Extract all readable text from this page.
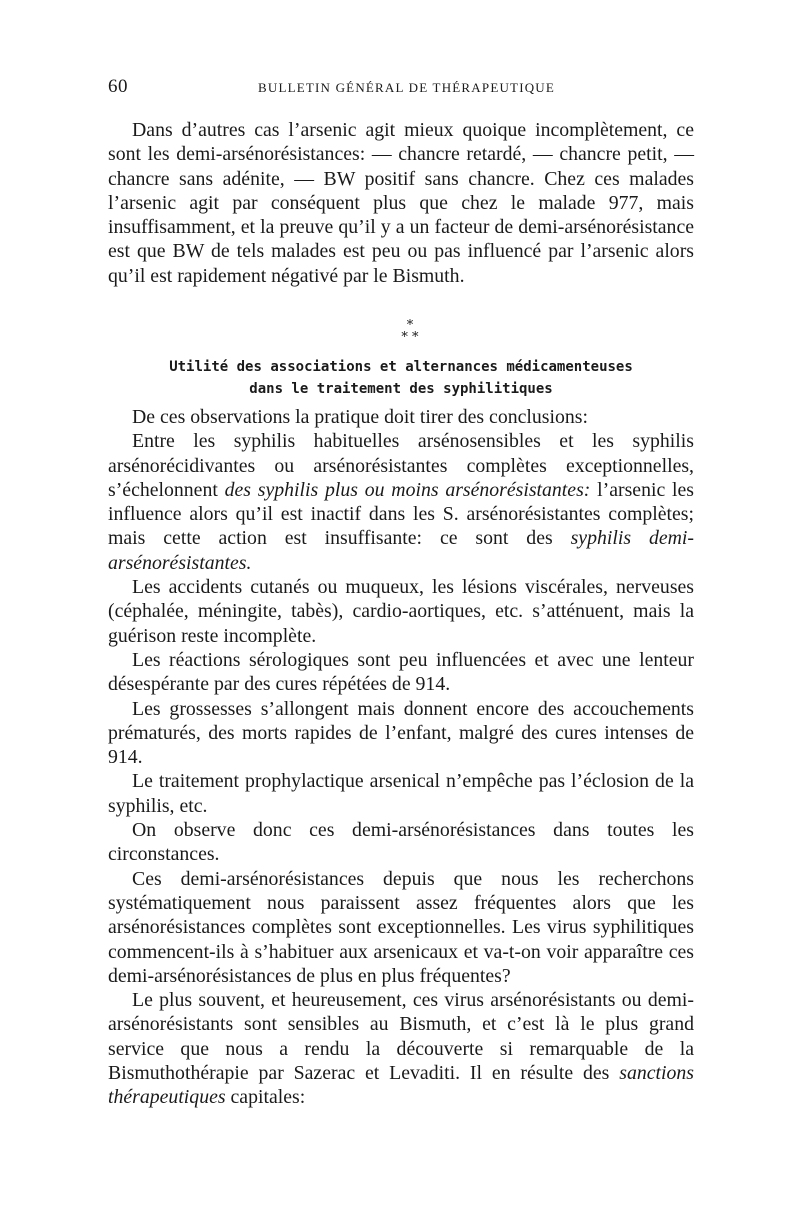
60	BULLETIN GÉNÉRAL DE THÉRAPEUTIQUE

Dans d’autres cas l’arsenic agit mieux quoique incomplètement, ce sont les demi-arsénorésistances: — chancre retardé, — chancre petit, — chancre sans adénite, — BW positif sans chancre. Chez ces malades l’arsenic agit par conséquent plus que chez le malade 977, mais insuffisamment, et la preuve qu’il y a un facteur de demi-arsénorésistance est que BW de tels malades est peu ou pas influencé par l’arsenic alors qu’il est rapidement négativé par le Bismuth.

*
* *
Utilité des associations et alternances médicamenteuses
dans le traitement des syphilitiques

De ces observations la pratique doit tirer des conclusions:

Entre les syphilis habituelles arsénosensibles et les syphilis arsénorécidivantes ou arsénorésistantes complètes exceptionnelles, s’échelonnent des syphilis plus ou moins arsénorésistantes: l’arsenic les influence alors qu’il est inactif dans les S. arsénorésistantes complètes; mais cette action est insuffisante: ce sont des syphilis demi-arsénorésistantes.

Les accidents cutanés ou muqueux, les lésions viscérales, nerveuses (céphalée, méningite, tabès), cardio-aortiques, etc. s’atténuent, mais la guérison reste incomplète.

Les réactions sérologiques sont peu influencées et avec une lenteur désespérante par des cures répétées de 914.

Les grossesses s’allongent mais donnent encore des accouchements prématurés, des morts rapides de l’enfant, malgré des cures intenses de 914.

Le traitement prophylactique arsenical n’empêche pas l’éclosion de la syphilis, etc.

On observe donc ces demi-arsénorésistances dans toutes les circonstances.

Ces demi-arsénorésistances depuis que nous les recherchons systématiquement nous paraissent assez fréquentes alors que les arsénorésistances complètes sont exceptionnelles. Les virus syphilitiques commencent-ils à s’habituer aux arsenicaux et va-t-on voir apparaître ces demi-arsénorésistances de plus en plus fréquentes?

Le plus souvent, et heureusement, ces virus arsénorésistants ou demi-arsénorésistants sont sensibles au Bismuth, et c’est là le plus grand service que nous a rendu la découverte si remarquable de la Bismuthothérapie par Sazerac et Levaditi. Il en résulte des sanctions thérapeutiques capitales:
